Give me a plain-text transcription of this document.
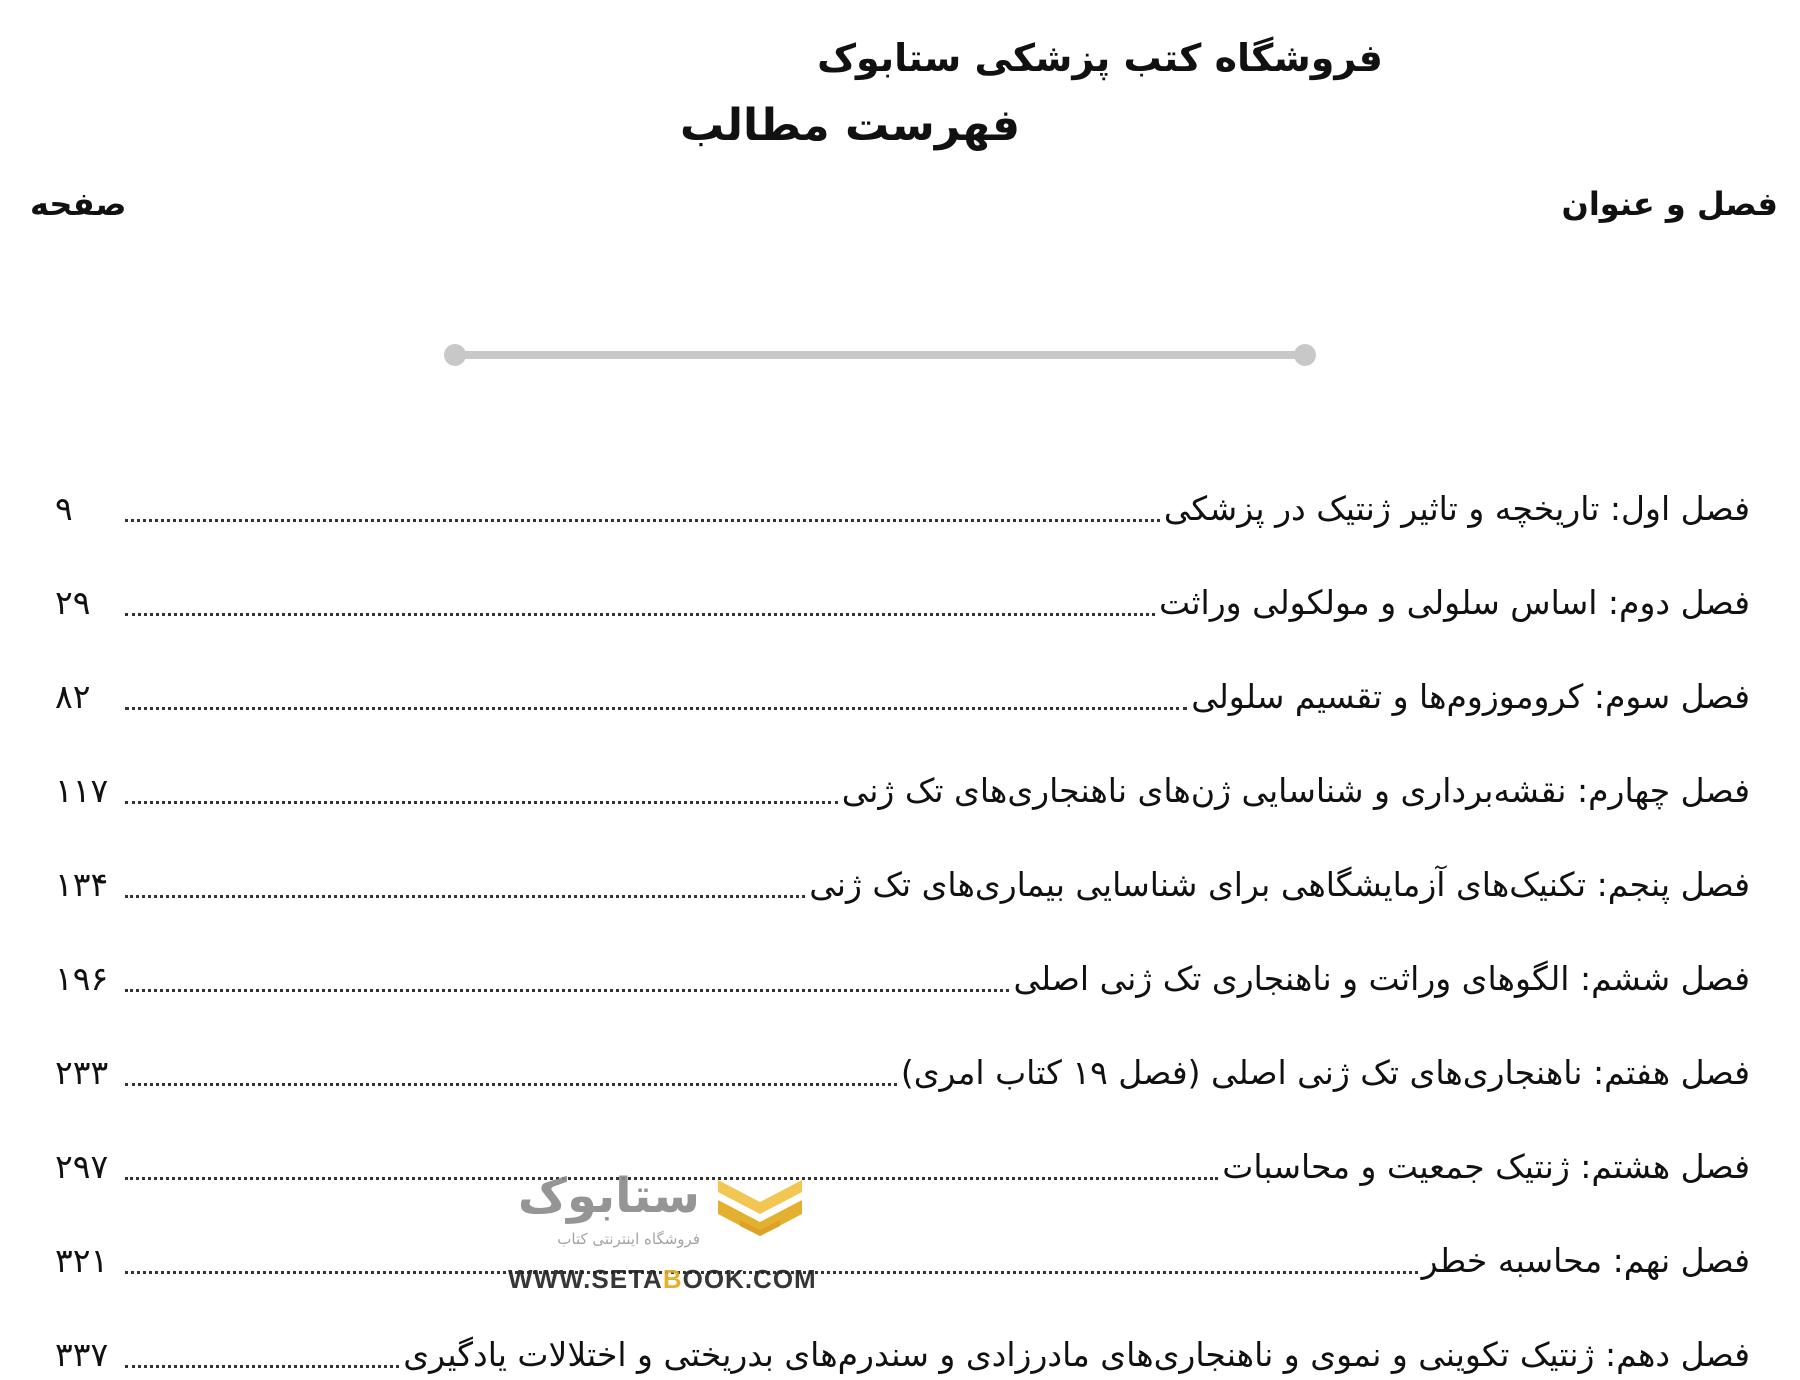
فروشگاه کتب پزشکی ستابوک
فهرست مطالب
فصل و عنوان
صفحه
فصل اول: تاریخچه و تاثیر ژنتیک در پزشکی
۹
فصل دوم: اساس سلولی و مولکولی وراثت
۲۹
فصل سوم: کروموزوم‌ها و تقسیم سلولی
۸۲
فصل چهارم: نقشه‌برداری و شناسایی ژن‌های ناهنجاری‌های تک ژنی
۱۱۷
فصل پنجم: تکنیک‌های آزمایشگاهی برای شناسایی بیماری‌های تک ژنی
۱۳۴
فصل ششم: الگوهای وراثت و ناهنجاری تک ژنی اصلی
۱۹۶
فصل هفتم: ناهنجاری‌های تک ژنی اصلی (فصل ۱۹ کتاب امری)
۲۳۳
فصل هشتم: ژنتیک جمعیت و محاسبات
۲۹۷
فصل نهم: محاسبه خطر
۳۲۱
فصل دهم: ژنتیک تکوینی و نموی و ناهنجاری‌های مادرزادی و سندرم‌های بدریختی و اختلالات یادگیری
۳۳۷
ستابوک
فروشگاه اینترنتی کتاب
WWW.SETABOOK.COM
